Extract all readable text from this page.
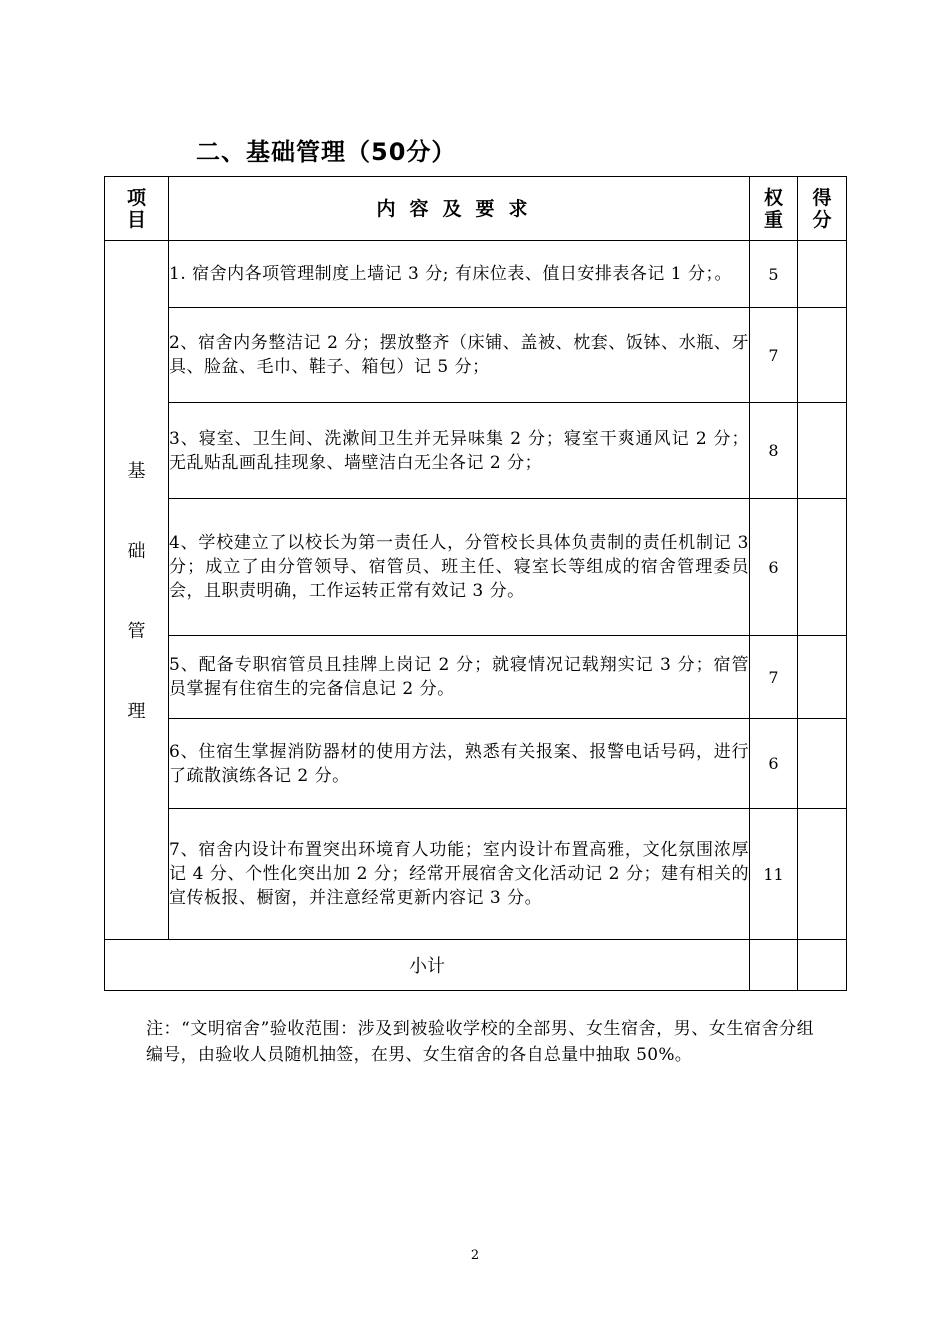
二、基础管理（50分）
项目	内容及要求	权重	得分

基
础
管
理	1. 宿舍内各项管理制度上墙记 3 分; 有床位表、值日安排表各记 1 分；。	5	
	2、宿舍内务整洁记 2 分；摆放整齐（床铺、盖被、枕套、饭钵、水瓶、牙具、脸盆、毛巾、鞋子、箱包）记 5 分；	7	
	3、寝室、卫生间、洗漱间卫生并无异味集 2 分；寝室干爽通风记 2 分；无乱贴乱画乱挂现象、墙壁洁白无尘各记 2 分；	8	
	4、学校建立了以校长为第一责任人，分管校长具体负责制的责任机制记 3 分；成立了由分管领导、宿管员、班主任、寝室长等组成的宿舍管理委员会，且职责明确，工作运转正常有效记 3 分。	6	
	5、配备专职宿管员且挂牌上岗记 2 分；就寝情况记载翔实记 3 分；宿管员掌握有住宿生的完备信息记 2 分。	7	
	6、住宿生掌握消防器材的使用方法，熟悉有关报案、报警电话号码，进行了疏散演练各记 2 分。	6	
	7、宿舍内设计布置突出环境育人功能；室内设计布置高雅，文化氛围浓厚记 4 分、个性化突出加 2 分；经常开展宿舍文化活动记 2 分；建有相关的宣传板报、橱窗，并注意经常更新内容记 3 分。	11	
小计			

注：“文明宿舍”验收范围：涉及到被验收学校的全部男、女生宿舍，男、女生宿舍分组编号，由验收人员随机抽签，在男、女生宿舍的各自总量中抽取 50%。

2
